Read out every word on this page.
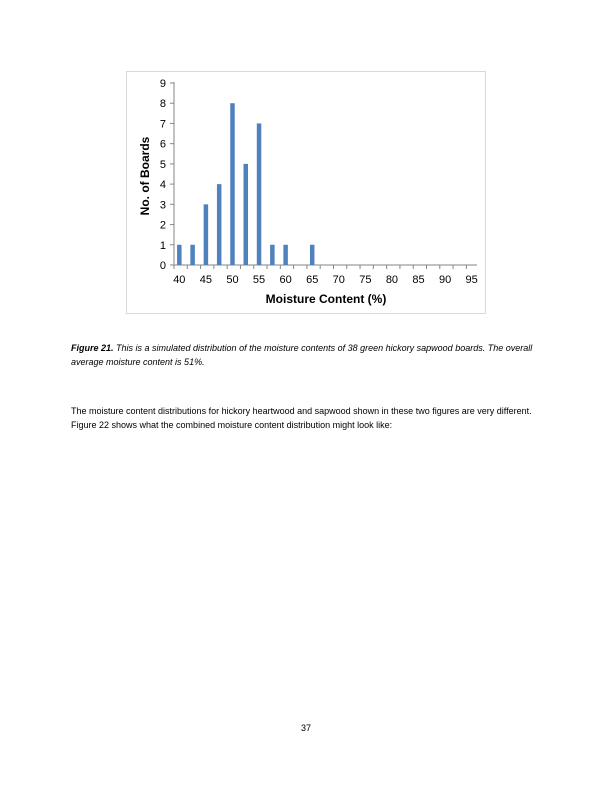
0
1
2
3
4
5
6
7
8
9
40 45 50 55 60 65 70 75 80 85 90 95
No. of Boards
Moisture Content (%)

Figure 21. This is a simulated distribution of the moisture contents of 38 green hickory sapwood boards. The overall average moisture content is 51%.

The moisture content distributions for hickory heartwood and sapwood shown in these two figures are very different. Figure 22 shows what the combined moisture content distribution might look like:

37
